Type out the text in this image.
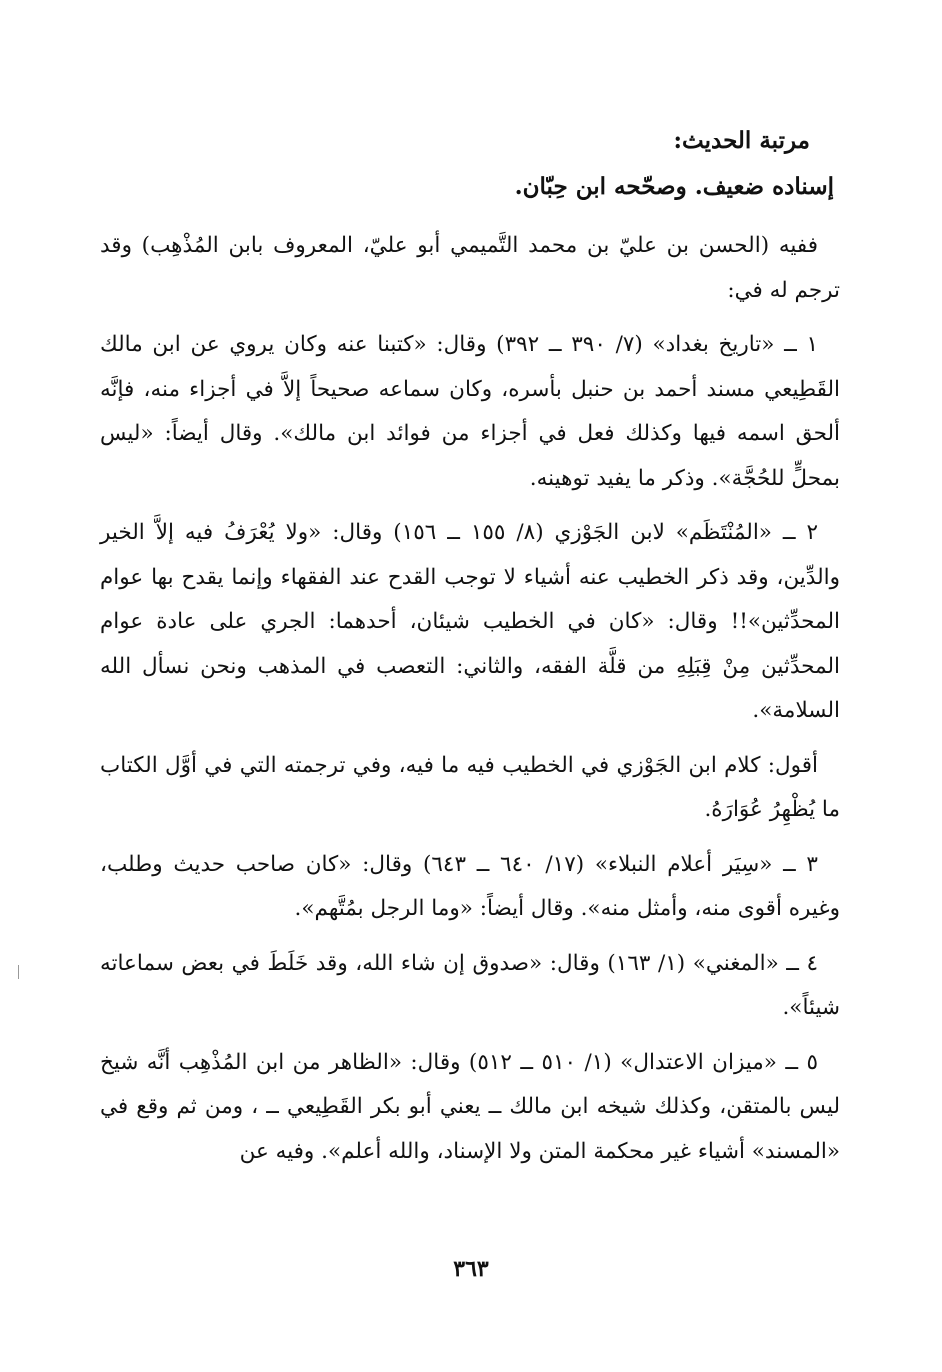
مرتبة الحديث:
إسناده ضعيف. وصحّحه ابن حِبّان.

ففيه (الحسن بن عليّ بن محمد التَّميمي أبو عليّ، المعروف بابن المُذْهِب) وقد ترجم له في:

١ ــ «تاريخ بغداد» (٧/ ٣٩٠ ــ ٣٩٢) وقال: «كتبنا عنه وكان يروي عن ابن مالك القَطِيعي مسند أحمد بن حنبل بأسره، وكان سماعه صحيحاً إلاَّ في أجزاء منه، فإنَّه ألحق اسمه فيها وكذلك فعل في أجزاء من فوائد ابن مالك». وقال أيضاً: «ليس بمحلٍّ للحُجَّة». وذكر ما يفيد توهينه.

٢ ــ «المُنْتَظَم» لابن الجَوْزي (٨/ ١٥٥ ــ ١٥٦) وقال: «ولا يُعْرَفُ فيه إلاَّ الخير والدِّين، وقد ذكر الخطيب عنه أشياء لا توجب القدح عند الفقهاء وإنما يقدح بها عوام المحدِّثين»!! وقال: «كان في الخطيب شيئان، أحدهما: الجري على عادة عوام المحدِّثين مِنْ قِبَلِهِ من قلَّة الفقه، والثاني: التعصب في المذهب ونحن نسأل الله السلامة».

أقول: كلام ابن الجَوْزي في الخطيب فيه ما فيه، وفي ترجمته التي في أوَّل الكتاب ما يُظْهِرُ عُوَارَهُ.

٣ ــ «سِيَر أعلام النبلاء» (١٧/ ٦٤٠ ــ ٦٤٣) وقال: «كان صاحب حديث وطلب، وغيره أقوى منه، وأمثل منه». وقال أيضاً: «وما الرجل بمُتَّهم».

٤ ــ «المغني» (١/ ١٦٣) وقال: «صدوق إن شاء الله، وقد خَلَطَ في بعض سماعاته شيئاً».

٥ ــ «ميزان الاعتدال» (١/ ٥١٠ ــ ٥١٢) وقال: «الظاهر من ابن المُذْهِب أنَّه شيخ ليس بالمتقن، وكذلك شيخه ابن مالك ــ يعني أبو بكر القَطِيعي ــ ، ومن ثم وقع في «المسند» أشياء غير محكمة المتن ولا الإسناد، والله أعلم». وفيه عن

٣٦٣
